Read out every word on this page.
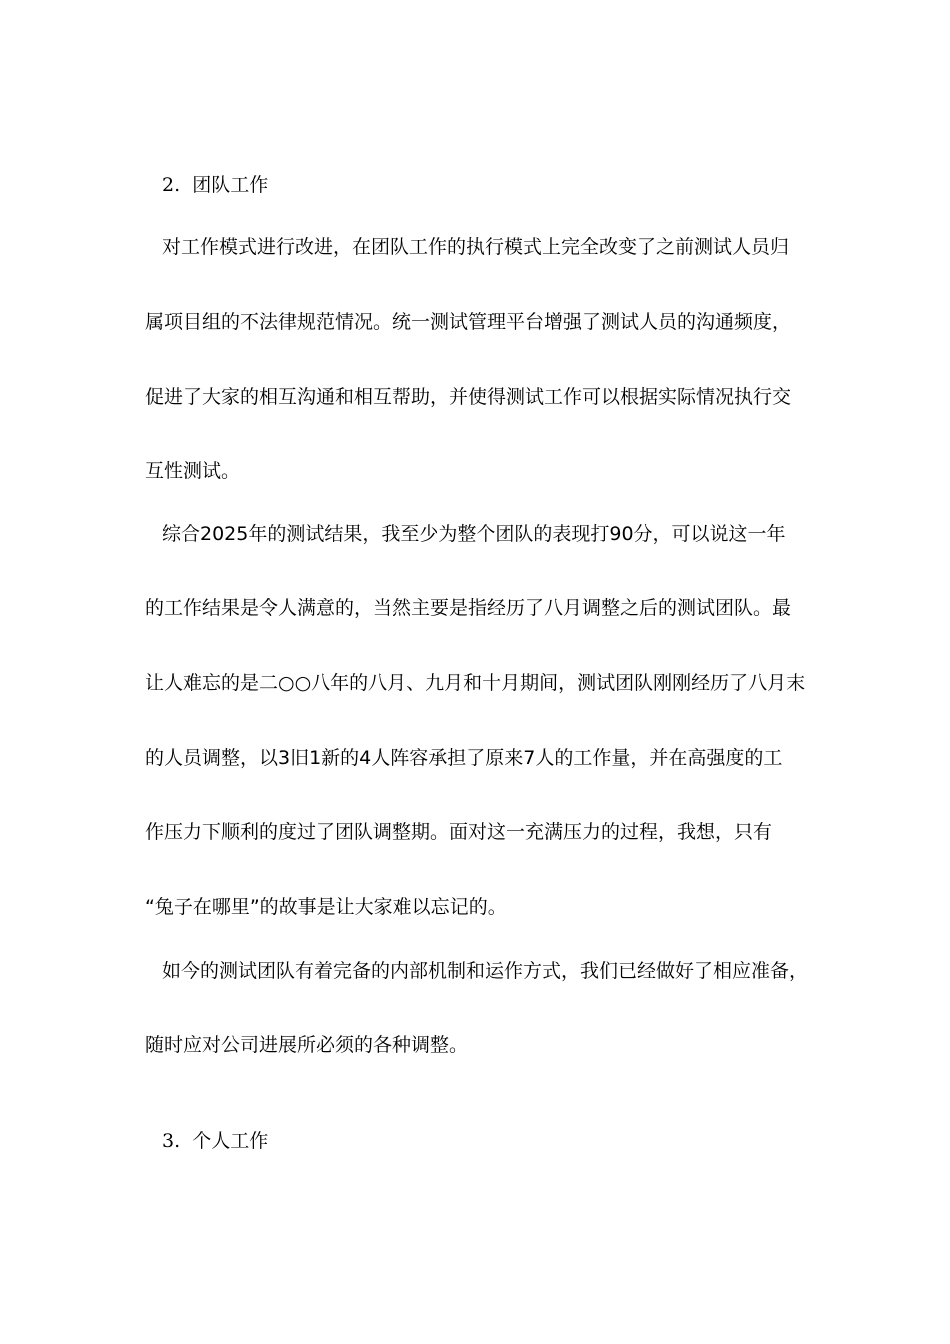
2. 团队工作
对工作模式进行改进，在团队工作的执行模式上完全改变了之前测试人员归
属项目组的不法律规范情况。统一测试管理平台增强了测试人员的沟通频度，
促进了大家的相互沟通和相互帮助，并使得测试工作可以根据实际情况执行交
互性测试。
综合2025年的测试结果，我至少为整个团队的表现打90分，可以说这一年
的工作结果是令人满意的，当然主要是指经历了八月调整之后的测试团队。最
让人难忘的是二○○八年的八月、九月和十月期间，测试团队刚刚经历了八月末
的人员调整，以3旧1新的4人阵容承担了原来7人的工作量，并在高强度的工
作压力下顺利的度过了团队调整期。面对这一充满压力的过程，我想，只有
“兔子在哪里”的故事是让大家难以忘记的。
如今的测试团队有着完备的内部机制和运作方式，我们已经做好了相应准备，
随时应对公司进展所必须的各种调整。
3. 个人工作
